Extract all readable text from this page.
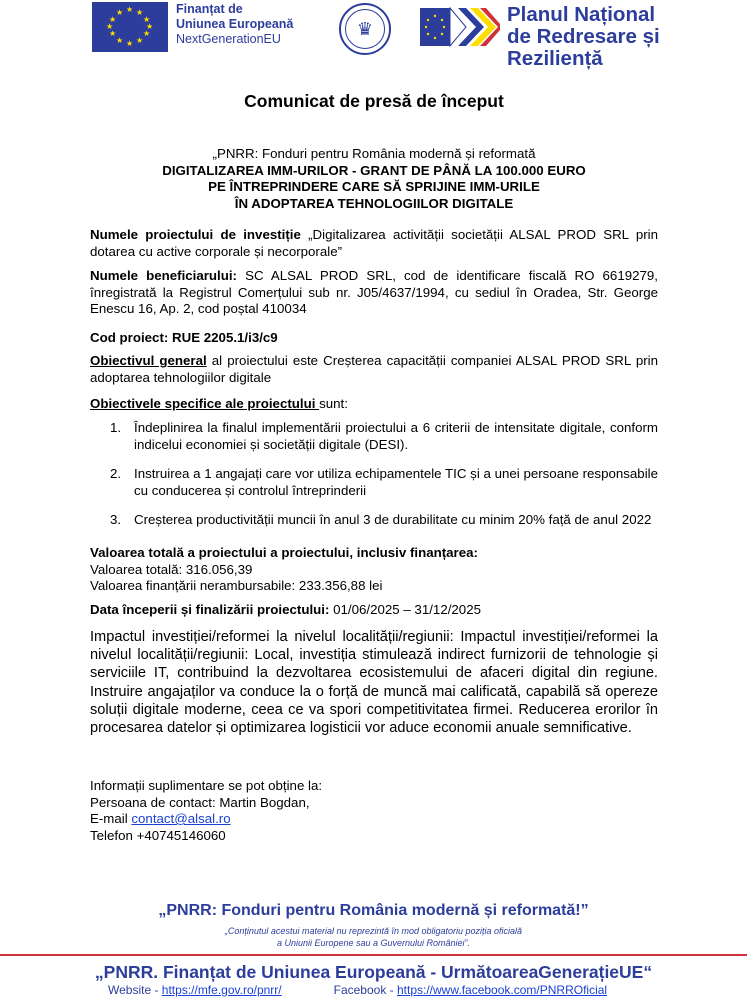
★ ★
★
★
★
★
★
★
★
★
★
★	Finanțat de
Uniunea Europeană
NextGenerationEU
♛
Planul Național
de Redresare și Reziliență
Comunicat de presă de început
„PNRR: Fonduri pentru România modernă și reformată
DIGITALIZAREA IMM-URILOR - GRANT DE PÂNĂ LA 100.000 EURO
PE ÎNTREPRINDERE CARE SĂ SPRIJINE IMM-URILE
ÎN ADOPTAREA TEHNOLOGIILOR DIGITALE

Numele proiectului de investiție „Digitalizarea activității societății ALSAL PROD SRL prin dotarea cu active corporale și necorporale”

Numele beneficiarului: SC ALSAL PROD SRL, cod de identificare fiscală RO 6619279, înregistrată la Registrul Comerțului sub nr. J05/4637/1994, cu sediul în Oradea, Str. George Enescu 16, Ap. 2, cod poștal 410034

Cod proiect: RUE 2205.1/i3/c9

Obiectivul general al proiectului este Creșterea capacității companiei ALSAL PROD SRL prin adoptarea tehnologiilor digitale

Obiectivele specifice ale proiectului sunt:

1. Îndeplinirea la finalul implementării proiectului a 6 criterii de intensitate digitale, conform indicelui economiei și societății digitale (DESI).
2. Instruirea a 1 angajați care vor utiliza echipamentele TIC și a unei persoane responsabile cu conducerea și controlul întreprinderii
3. Creșterea productivității muncii în anul 3 de durabilitate cu minim 20% față de anul 2022

Valoarea totală a proiectului a proiectului, inclusiv finanțarea:
Valoarea totală: 316.056,39
Valoarea finanțării nerambursabile: 233.356,88 lei

Data începerii și finalizării proiectului: 01/06/2025 – 31/12/2025

Impactul investiției/reformei la nivelul localității/regiunii: Impactul investiției/reformei la nivelul localității/regiunii: Local, investiția stimulează indirect furnizorii de tehnologie și serviciile IT, contribuind la dezvoltarea ecosistemului de afaceri digital din regiune. Instruire angajaților va conduce la o forță de muncă mai calificată, capabilă să opereze soluții digitale moderne, ceea ce va spori competitivitatea firmei. Reducerea erorilor în procesarea datelor și optimizarea logisticii vor aduce economii anuale semnificative.
Informații suplimentare se pot obține la:
Persoana de contact: Martin Bogdan,
E-mail contact@alsal.ro
Telefon +40745146060
„PNRR: Fonduri pentru România modernă și reformată!”
„Conținutul acestui material nu reprezintă în mod obligatoriu poziția oficială
a Uniunii Europene sau a Guvernului României”.
„PNRR. Finanțat de Uniunea Europeană - UrmătoareaGenerațieUE“
Website - https://mfe.gov.ro/pnrr/	Facebook - https://www.facebook.com/PNRROficial
